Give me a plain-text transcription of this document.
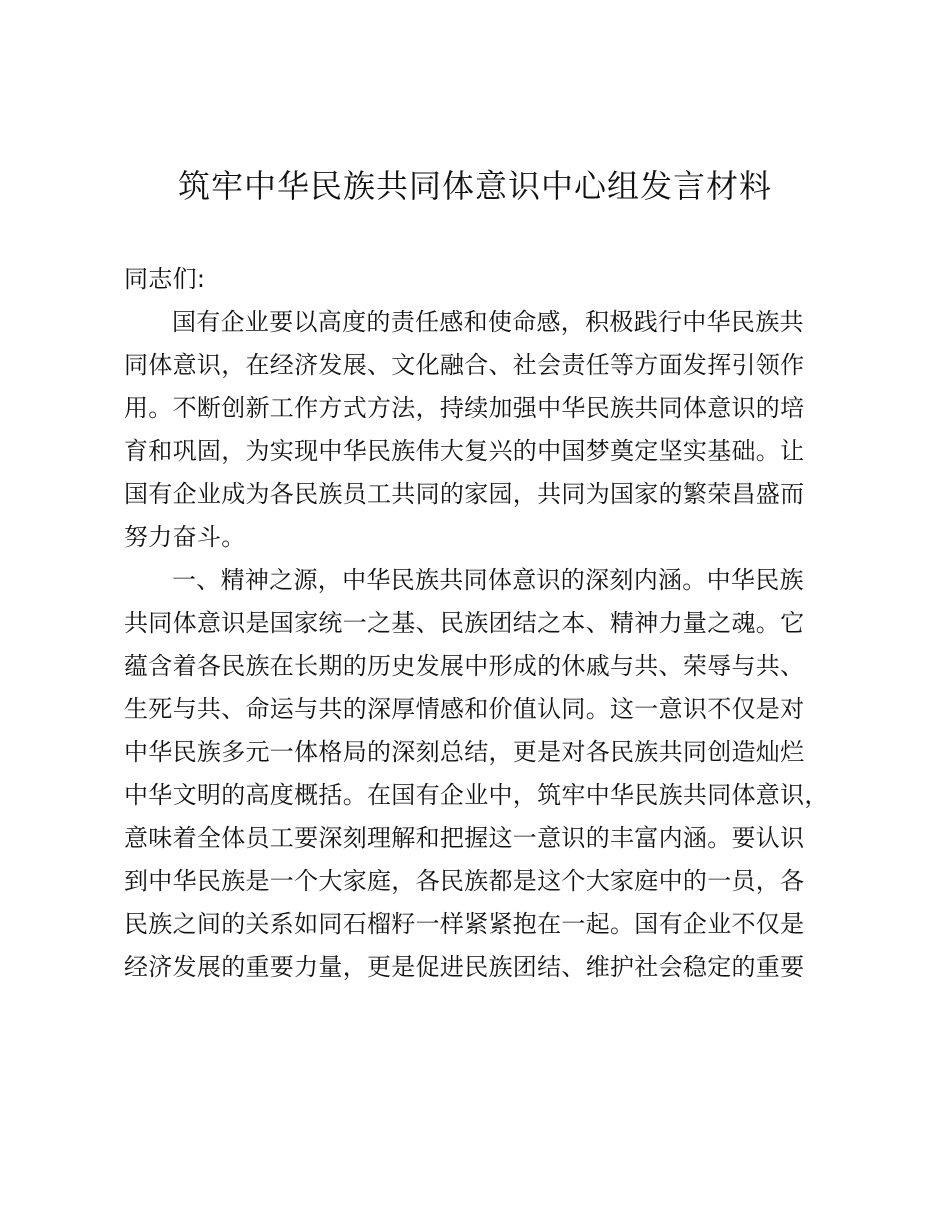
筑牢中华民族共同体意识中心组发言材料
同志们:
国有企业要以高度的责任感和使命感，积极践行中华民族共
同体意识，在经济发展、文化融合、社会责任等方面发挥引领作
用。不断创新工作方式方法，持续加强中华民族共同体意识的培
育和巩固，为实现中华民族伟大复兴的中国梦奠定坚实基础。让
国有企业成为各民族员工共同的家园，共同为国家的繁荣昌盛而
努力奋斗。
一、精神之源，中华民族共同体意识的深刻内涵。中华民族
共同体意识是国家统一之基、民族团结之本、精神力量之魂。它
蕴含着各民族在长期的历史发展中形成的休戚与共、荣辱与共、
生死与共、命运与共的深厚情感和价值认同。这一意识不仅是对
中华民族多元一体格局的深刻总结，更是对各民族共同创造灿烂
中华文明的高度概括。在国有企业中，筑牢中华民族共同体意识，
意味着全体员工要深刻理解和把握这一意识的丰富内涵。要认识
到中华民族是一个大家庭，各民族都是这个大家庭中的一员，各
民族之间的关系如同石榴籽一样紧紧抱在一起。国有企业不仅是
经济发展的重要力量，更是促进民族团结、维护社会稳定的重要
